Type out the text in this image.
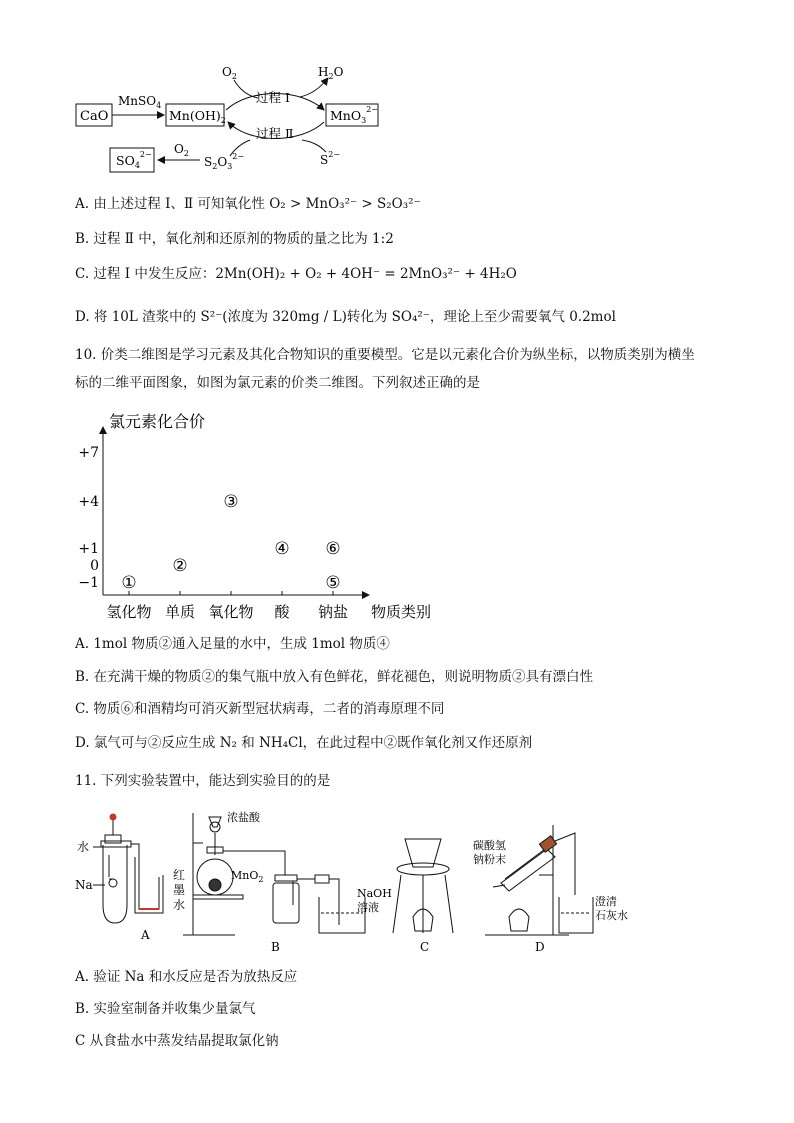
CaO
MnSO$_4$
$Mn(OH)_2$	MnO$_3^{2-}$
$O_2$	$H_2O$
过程 Ⅰ
过程 Ⅱ
$S^{2-}$
$S_2O_3^{2-}$
$O_2$
$SO_4^{2-}$
A. 由上述过程 Ⅰ、Ⅱ 可知氧化性 O₂ > MnO₃²⁻ > S₂O₃²⁻
B. 过程 Ⅱ 中，氧化剂和还原剂的物质的量之比为 1:2
C. 过程 Ⅰ 中发生反应：2Mn(OH)₂ + O₂ + 4OH⁻ = 2MnO₃²⁻ + 4H₂O
D. 将 10L 渣浆中的 S²⁻(浓度为 320mg / L)转化为 SO₄²⁻，理论上至少需要氧气 0.2mol
10. 价类二维图是学习元素及其化合物知识的重要模型。它是以元素化合价为纵坐标，以物质类别为横坐
标的二维平面图象，如图为氯元素的价类二维图。下列叙述正确的是
氯元素化合价
物质类别
+7
+4
+1
0
−1
氢化物 单质 氧化物 酸 钠盐
①
②
③
④
⑤
⑥
A. 1mol 物质②通入足量的水中，生成 1mol 物质④
B. 在充满干燥的物质②的集气瓶中放入有色鲜花，鲜花褪色，则说明物质②具有漂白性
C. 物质⑥和酒精均可消灭新型冠状病毒，二者的消毒原理不同
D. 氯气可与②反应生成 N₂ 和 NH₄Cl，在此过程中②既作氧化剂又作还原剂
11. 下列实验装置中，能达到实验目的的是
水
Na
红
墨
水
A
浓盐酸
MnO$_2$
NaOH
溶液
B	C
碳酸氢
钠粉末
澄清
石灰水
D
A. 验证 Na 和水反应是否为放热反应
B. 实验室制备并收集少量氯气
C 从食盐水中蒸发结晶提取氯化钠
